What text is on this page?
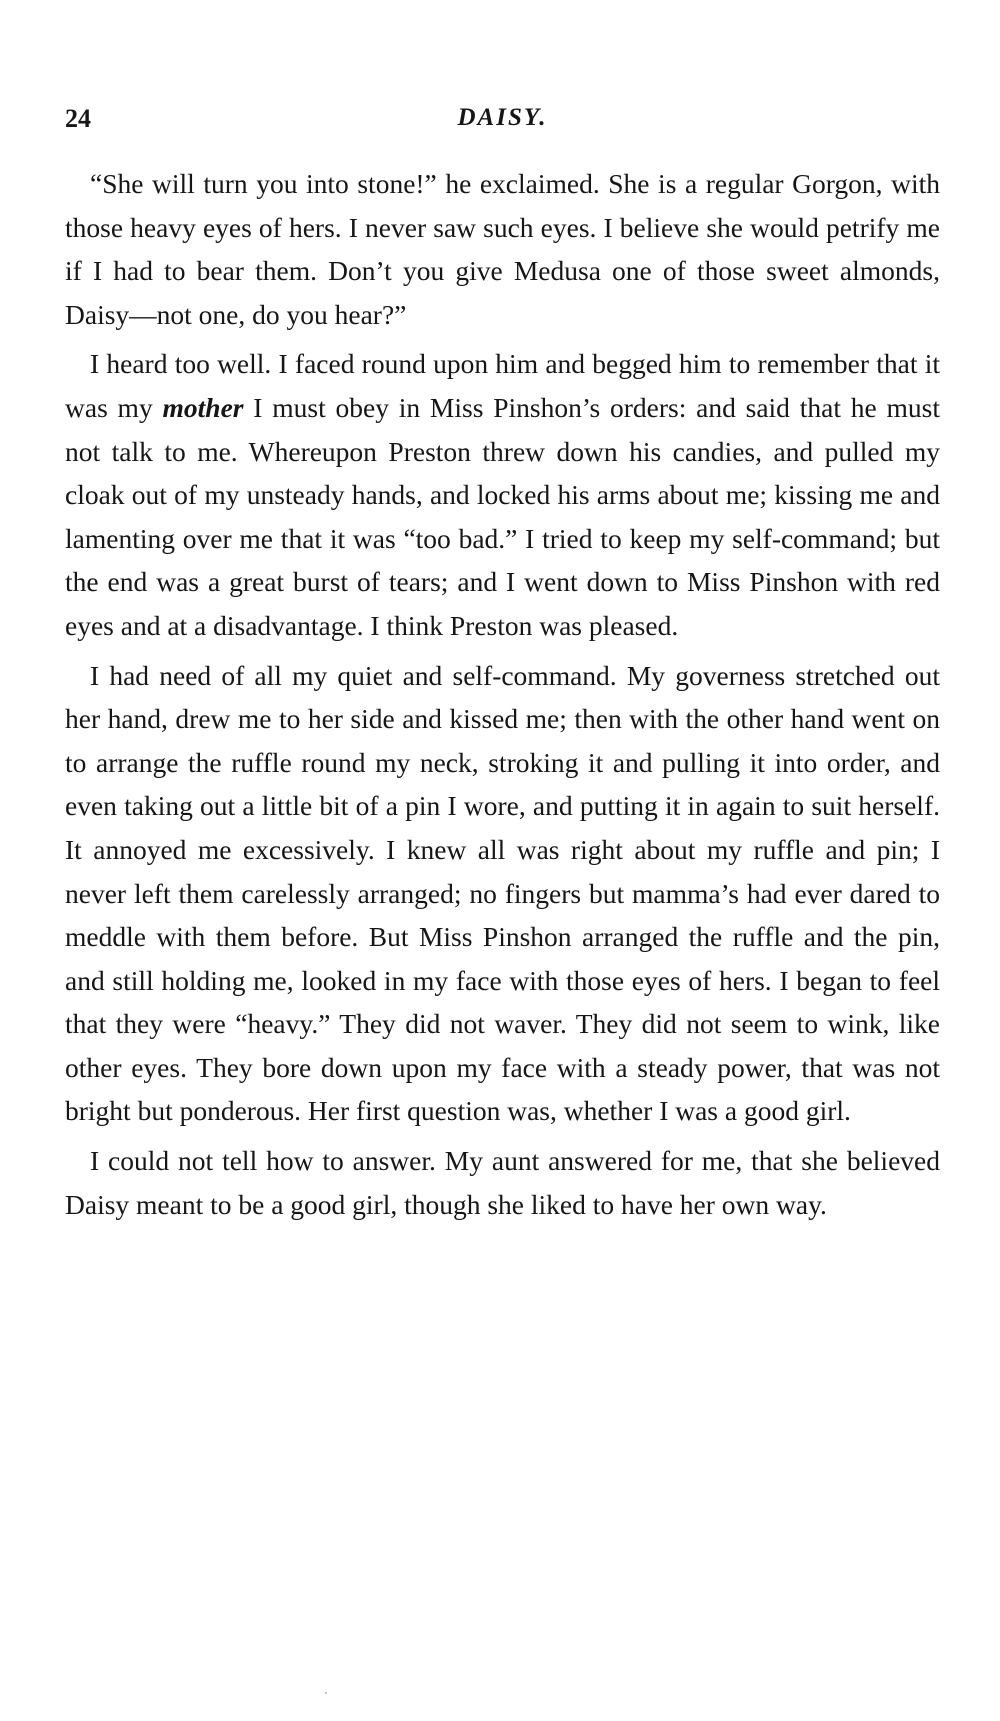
24	DAISY.

“She will turn you into stone!” he exclaimed. She is a regular Gorgon, with those heavy eyes of hers. I never saw such eyes. I believe she would petrify me if I had to bear them. Don’t you give Medusa one of those sweet almonds, Daisy—not one, do you hear?”

I heard too well. I faced round upon him and begged him to remember that it was my mother I must obey in Miss Pinshon’s orders: and said that he must not talk to me. Whereupon Preston threw down his candies, and pulled my cloak out of my unsteady hands, and locked his arms about me; kissing me and lamenting over me that it was “too bad.” I tried to keep my self-command; but the end was a great burst of tears; and I went down to Miss Pinshon with red eyes and at a disadvantage. I think Preston was pleased.

I had need of all my quiet and self-command. My governess stretched out her hand, drew me to her side and kissed me; then with the other hand went on to arrange the ruffle round my neck, stroking it and pulling it into order, and even taking out a little bit of a pin I wore, and putting it in again to suit herself. It annoyed me excessively. I knew all was right about my ruffle and pin; I never left them carelessly arranged; no fingers but mamma’s had ever dared to meddle with them before. But Miss Pinshon arranged the ruffle and the pin, and still holding me, looked in my face with those eyes of hers. I began to feel that they were “heavy.” They did not waver. They did not seem to wink, like other eyes. They bore down upon my face with a steady power, that was not bright but ponderous. Her first question was, whether I was a good girl.

I could not tell how to answer. My aunt answered for me, that she believed Daisy meant to be a good girl, though she liked to have her own way.
